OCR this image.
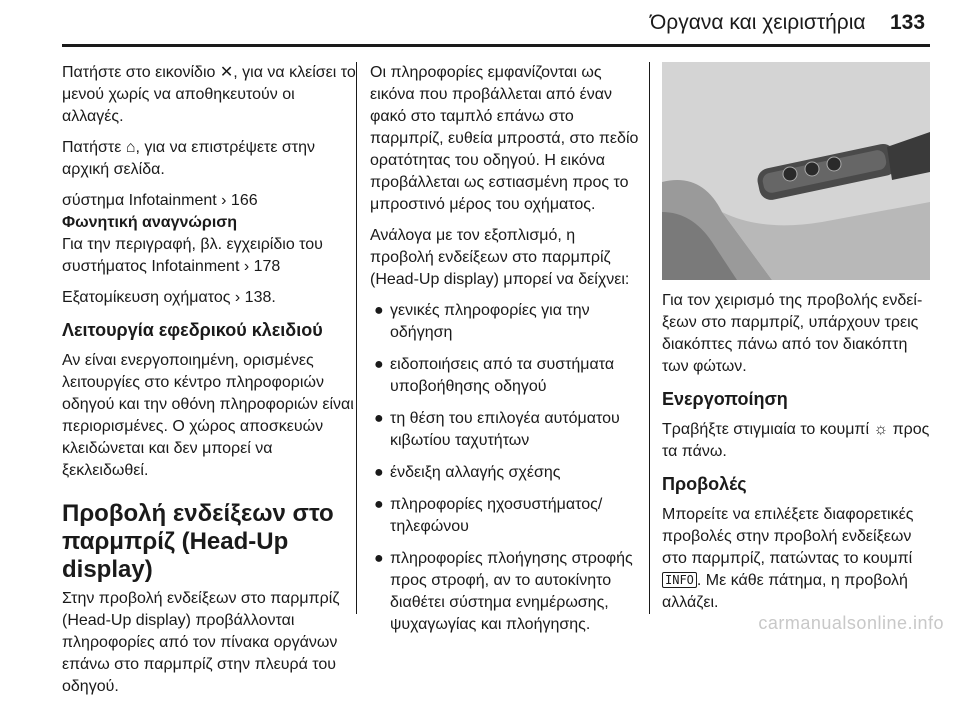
Όργανα και χειριστήρια 133

Πατήστε στο εικονίδιο ✕, για να κλείσει το μενού χωρίς να αποθηκευτούν οι αλλαγές.

Πατήστε ⌂, για να επιστρέψετε στην αρχική σελίδα.

σύστημα Infotainment › 166

Φωνητική αναγνώριση

Για την περιγραφή, βλ. εγχειρίδιο του συστήματος Infotainment › 178

Εξατομίκευση οχήματος › 138.

Λειτουργία εφεδρικού κλειδιού

Αν είναι ενεργοποιημένη, ορισμένες λειτουργίες στο κέντρο πληροφοριών οδηγού και την οθόνη πληροφοριών είναι περιορισμένες. Ο χώρος αποσκευών κλειδώνεται και δεν μπορεί να ξεκλειδωθεί.

Προβολή ενδείξεων στο παρμπρίζ (Head-Up display)

Στην προβολή ενδείξεων στο παρμπρίζ (Head-Up display) προβάλλονται πληροφορίες από τον πίνακα οργάνων επάνω στο παρμπρίζ στην πλευρά του οδηγού.

Οι πληροφορίες εμφανίζονται ως εικόνα που προβάλλεται από έναν φακό στο ταμπλό επάνω στο παρμπρίζ, ευθεία μπροστά, στο πεδίο ορατότητας του οδηγού. Η εικόνα προβάλλεται ως εστιασμένη προς το μπροστινό μέρος του οχήματος.

Ανάλογα με τον εξοπλισμό, η προβολή ενδείξεων στο παρμπρίζ (Head-Up display) μπορεί να δείχνει:

● γενικές πληροφορίες για την οδήγηση
● ειδοποιήσεις από τα συστήματα υποβοήθησης οδηγού
● τη θέση του επιλογέα αυτόματου κιβωτίου ταχυτήτων
● ένδειξη αλλαγής σχέσης
● πληροφορίες ηχοσυστήματος/ τηλεφώνου
● πληροφορίες πλοήγησης στροφής προς στροφή, αν το αυτοκίνητο διαθέτει σύστημα ενημέρωσης, ψυχαγωγίας και πλοήγησης.

Για τον χειρισμό της προβολής ενδείξεων στο παρμπρίζ, υπάρχουν τρεις διακόπτες πάνω από τον διακόπτη των φώτων.

Ενεργοποίηση

Τραβήξτε στιγμιαία το κουμπί ☼ προς τα πάνω.

Προβολές

Μπορείτε να επιλέξετε διαφορετικές προβολές στην προβολή ενδείξεων στο παρμπρίζ, πατώντας το κουμπί INFO . Με κάθε πάτημα, η προβολή αλλάζει.

carmanualsonline.info
